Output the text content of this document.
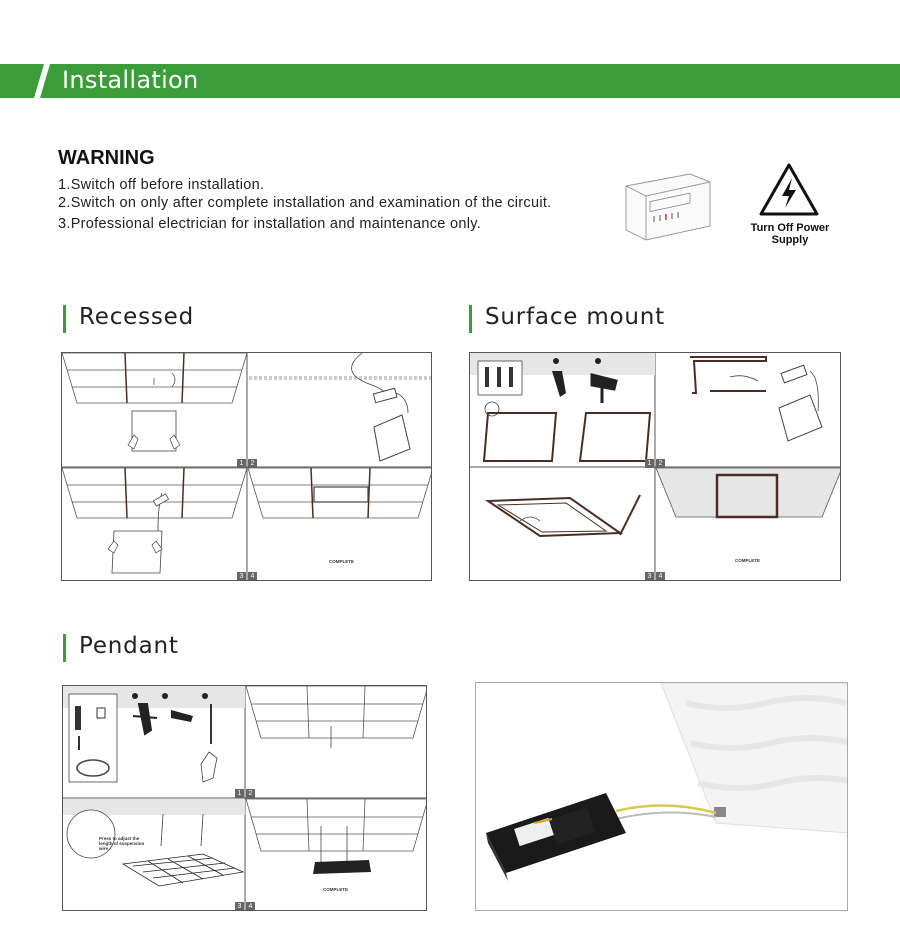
Installation
WARNING
1.Switch off before installation.
2.Switch on only after complete installation and examination of the circuit.
3.Professional electrician for installation and maintenance only.	Turn Off Power Supply
Recessed	Surface mount
Pendant
1	2
3	4
COMPLETE
1	2
3	4
COMPLETE
Press to adjust the length of suspension wire
1	2
3	4
COMPLETE
